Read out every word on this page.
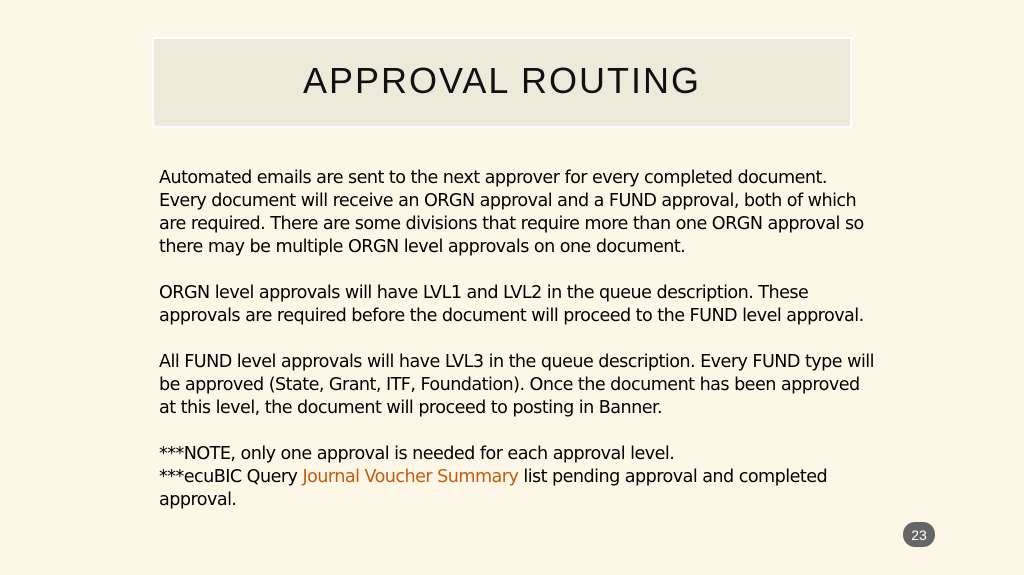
APPROVAL ROUTING

Automated emails are sent to the next approver for every completed document. Every document will receive an ORGN approval and a FUND approval, both of which are required. There are some divisions that require more than one ORGN approval so there may be multiple ORGN level approvals on one document.

ORGN level approvals will have LVL1 and LVL2 in the queue description. These approvals are required before the document will proceed to the FUND level approval.

All FUND level approvals will have LVL3 in the queue description. Every FUND type will be approved (State, Grant, ITF, Foundation). Once the document has been approved at this level, the document will proceed to posting in Banner.

***NOTE, only one approval is needed for each approval level.

***ecuBIC Query Journal Voucher Summary list pending approval and completed approval.

23
